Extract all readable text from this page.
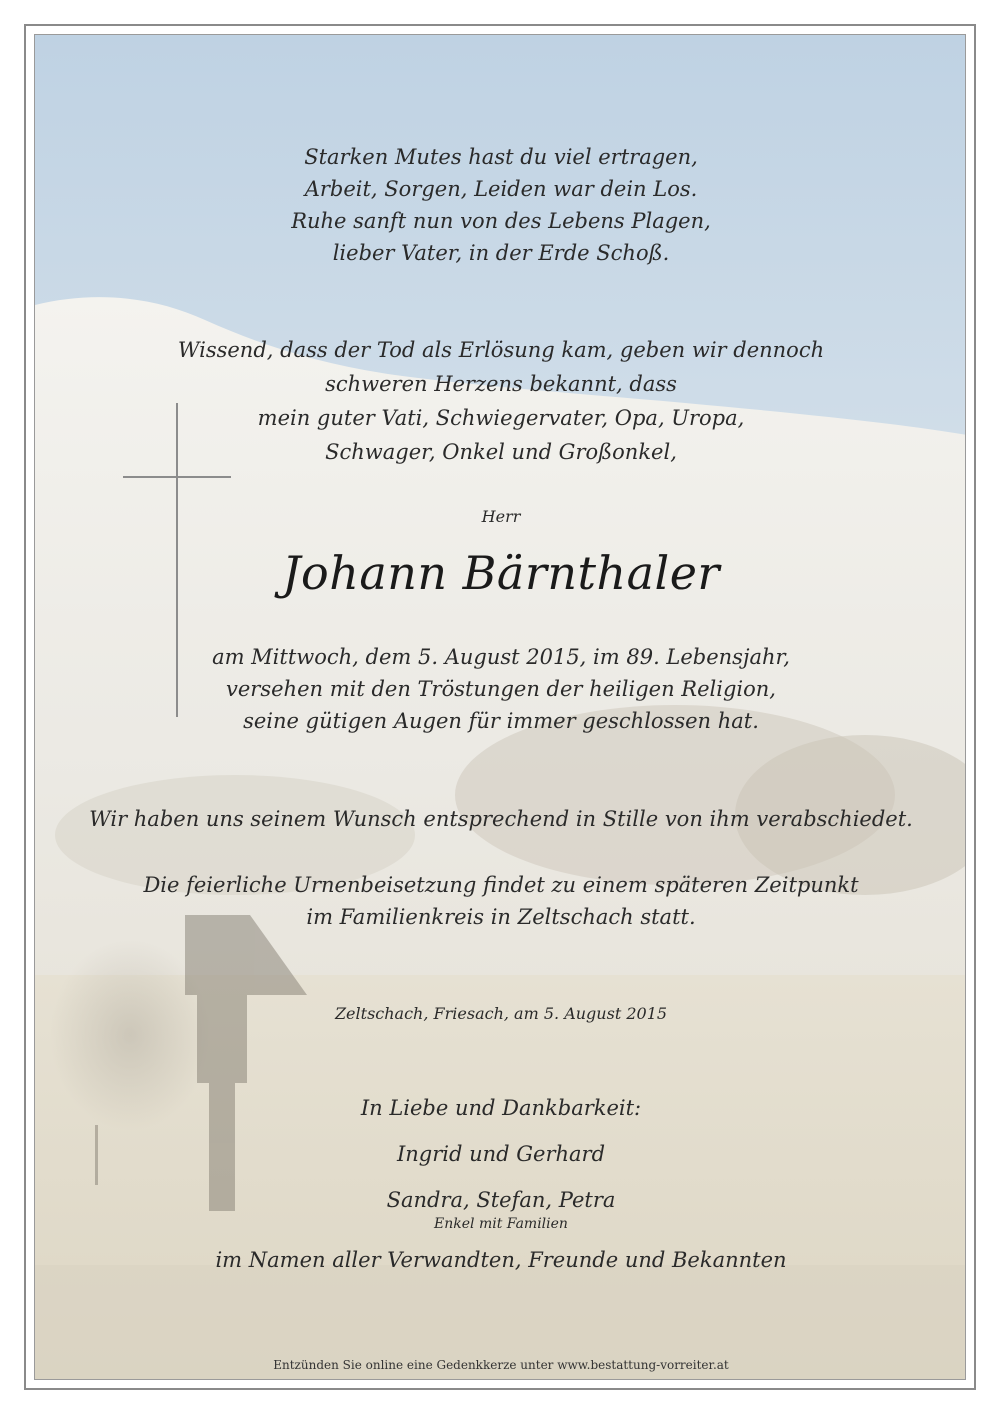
Starken Mutes hast du viel ertragen,
Arbeit, Sorgen, Leiden war dein Los.
Ruhe sanft nun von des Lebens Plagen,
lieber Vater, in der Erde Schoß.
Wissend, dass der Tod als Erlösung kam, geben wir dennoch
schweren Herzens bekannt, dass
mein guter Vati, Schwiegervater, Opa, Uropa,
Schwager, Onkel und Großonkel,
Herr
Johann Bärnthaler
am Mittwoch, dem 5. August 2015, im 89. Lebensjahr,
versehen mit den Tröstungen der heiligen Religion,
seine gütigen Augen für immer geschlossen hat.
Wir haben uns seinem Wunsch entsprechend in Stille von ihm verabschiedet.
Die feierliche Urnenbeisetzung findet zu einem späteren Zeitpunkt
im Familienkreis in Zeltschach statt.
Zeltschach, Friesach, am 5. August 2015
In Liebe und Dankbarkeit:
Ingrid und Gerhard
Sandra, Stefan, Petra
Enkel mit Familien
im Namen aller Verwandten, Freunde und Bekannten
Entzünden Sie online eine Gedenkkerze unter www.bestattung-vorreiter.at
